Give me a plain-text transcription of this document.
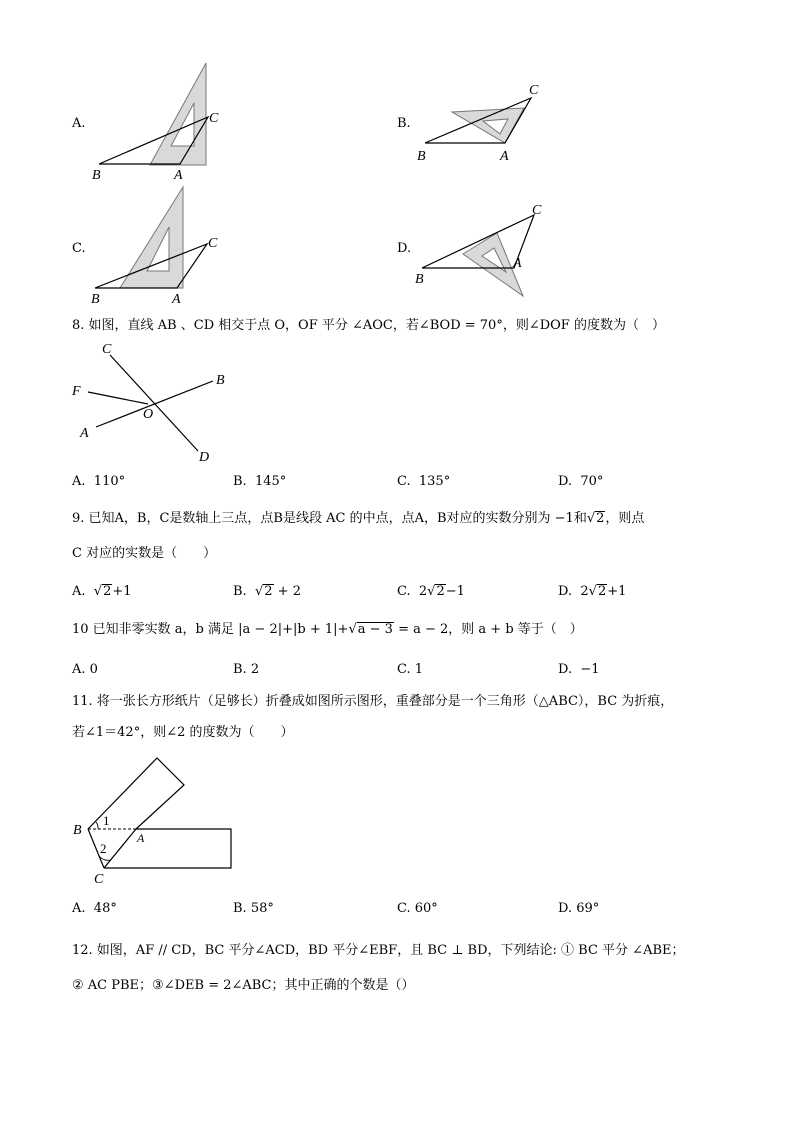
A.
B	A
C	B.
B	A
C
C.
B	A
C	D.
B
A
C
8. 如图，直线 AB 、CD 相交于点 O，OF 平分 ∠AOC，若∠BOD = 70°，则∠DOF 的度数为（　）
C
B
F
O
A
D
A. 110°	B. 145°	C. 135°	D. 70°
9. 已知A，B，C是数轴上三点，点B是线段 AC 的中点，点A，B对应的实数分别为 −1和√2，则点
C 对应的实数是（　　）
A. √2+1	B. √2 + 2	C. 2√2−1	D. 2√2+1
10 已知非零实数 a，b 满足 |a − 2|+|b + 1|+√a − 3 = a − 2，则 a + b 等于（　）
A. 0	B. 2	C. 1	D. −1
11. 将一张长方形纸片（足够长）折叠成如图所示图形，重叠部分是一个三角形（△ABC），BC 为折痕，
若∠1＝42°，则∠2 的度数为（　　）
B	A
C
1
2
A. 48°	B. 58°	C. 60°	D. 69°
12. 如图，AF // CD，BC 平分∠ACD，BD 平分∠EBF，且 BC ⊥ BD，下列结论: ① BC 平分 ∠ABE；
② AC PBE；③∠DEB = 2∠ABC；其中正确的个数是（）
